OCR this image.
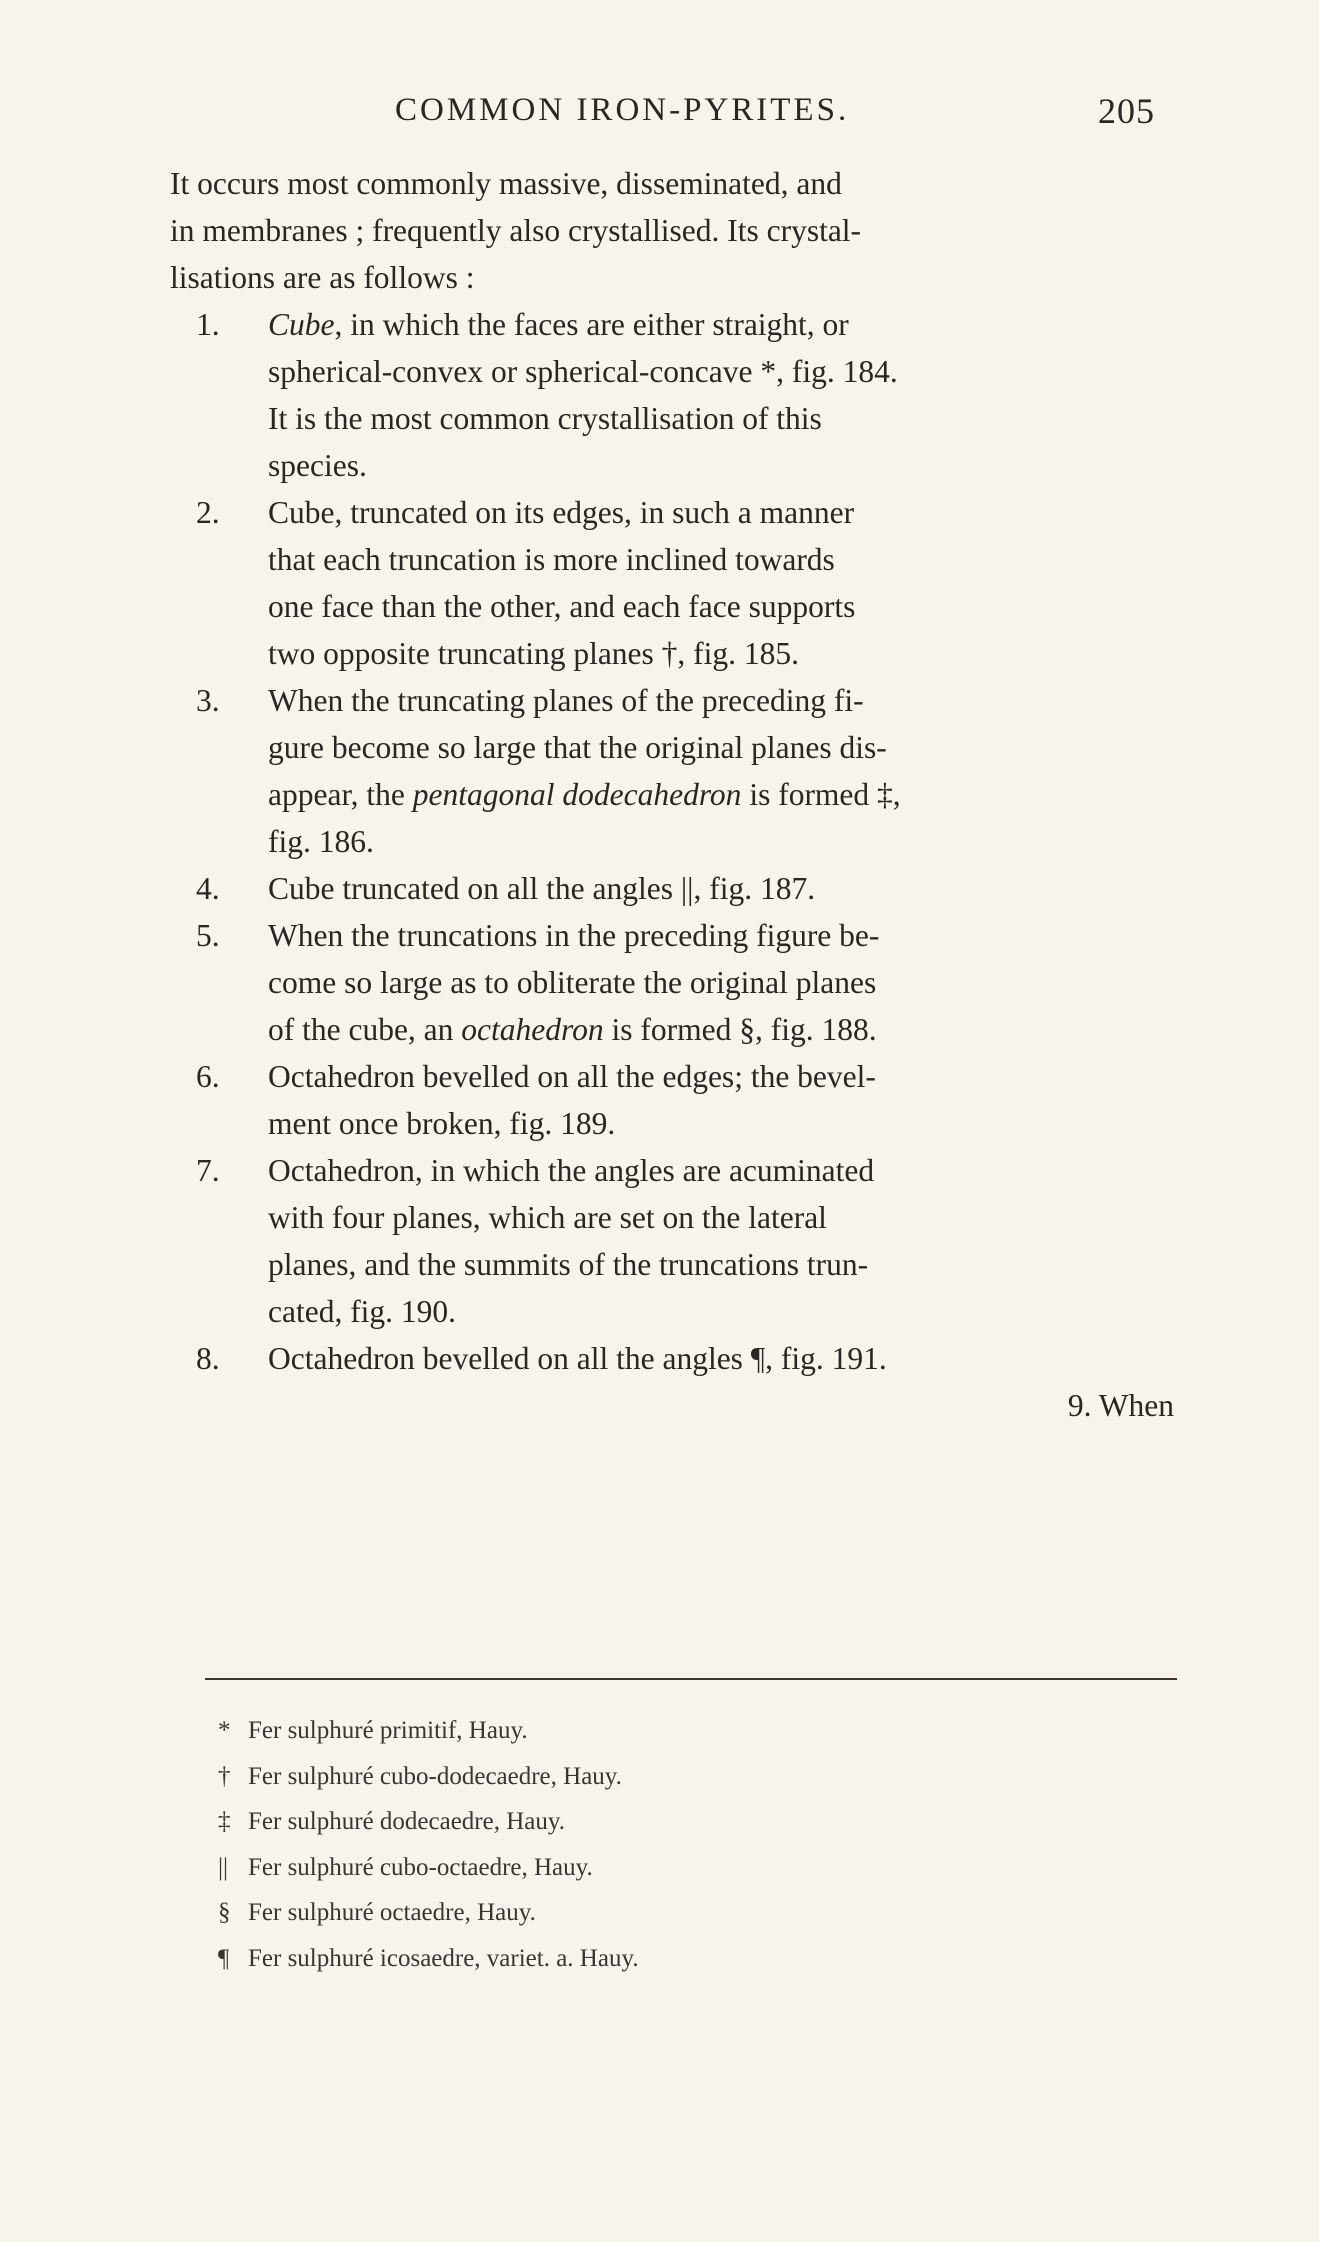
COMMON IRON-PYRITES.	205

It occurs most commonly massive, disseminated, and
in membranes ; frequently also crystallised. Its crystal-
lisations are as follows :

1. Cube, in which the faces are either straight, or
spherical-convex or spherical-concave *, fig. 184.
It is the most common crystallisation of this
species.
2. Cube, truncated on its edges, in such a manner
that each truncation is more inclined towards
one face than the other, and each face supports
two opposite truncating planes †, fig. 185.
3. When the truncating planes of the preceding fi-
gure become so large that the original planes dis-
appear, the pentagonal dodecahedron is formed ‡,
fig. 186.
4. Cube truncated on all the angles ||, fig. 187.
5. When the truncations in the preceding figure be-
come so large as to obliterate the original planes
of the cube, an octahedron is formed §, fig. 188.
6. Octahedron bevelled on all the edges; the bevel-
ment once broken, fig. 189.
7. Octahedron, in which the angles are acuminated
with four planes, which are set on the lateral
planes, and the summits of the truncations trun-
cated, fig. 190.
8. Octahedron bevelled on all the angles ¶, fig. 191.
9. When
* Fer sulphuré primitif, Hauy.
† Fer sulphuré cubo-dodecaedre, Hauy.
‡ Fer sulphuré dodecaedre, Hauy.
|| Fer sulphuré cubo-octaedre, Hauy.
§ Fer sulphuré octaedre, Hauy.
¶ Fer sulphuré icosaedre, variet. a. Hauy.
